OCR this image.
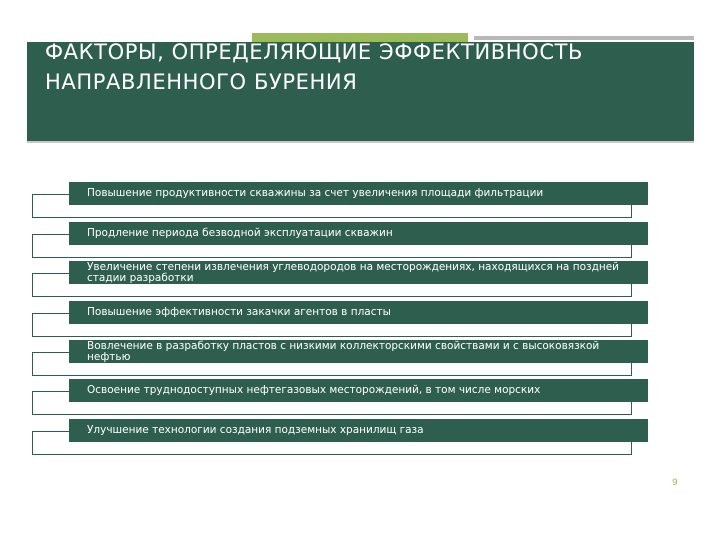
ФАКТОРЫ, ОПРЕДЕЛЯЮЩИЕ ЭФФЕКТИВНОСТЬ НАПРАВЛЕННОГО БУРЕНИЯ
Повышение продуктивности скважины за счет увеличения площади фильтрации
Продление периода безводной эксплуатации скважин
Увеличение степени извлечения углеводородов на месторождениях, находящихся на поздней стадии разработки
Повышение эффективности закачки агентов в пласты
Вовлечение в разработку пластов с низкими коллекторскими свойствами и с высоковязкой нефтью
Освоение труднодоступных нефтегазовых месторождений, в том числе морских
Улучшение технологии создания подземных хранилищ газа
9
